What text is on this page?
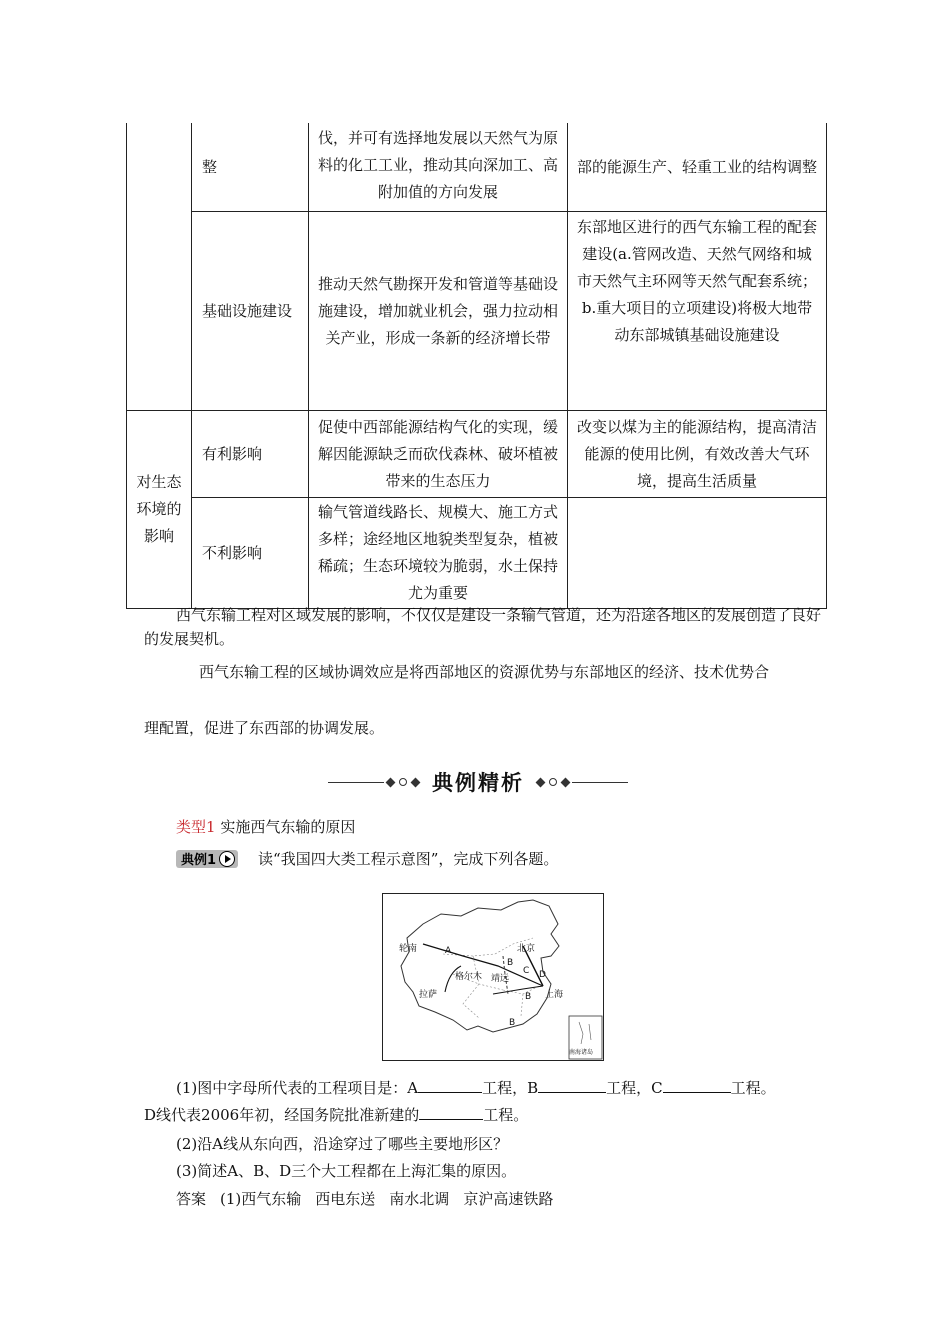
	整	伐，并可有选择地发展以天然气为原料的化工工业，推动其向深加工、高附加值的方向发展	部的能源生产、轻重工业的结构调整
	基础设施建设	推动天然气勘探开发和管道等基础设施建设，增加就业机会，强力拉动相关产业，形成一条新的经济增长带	东部地区进行的西气东输工程的配套建设(a.管网改造、天然气网络和城市天然气主环网等天然气配套系统；b.重大项目的立项建设)将极大地带动东部城镇基础设施建设
对生态环境的影响	有利影响	促使中西部能源结构气化的实现，缓解因能源缺乏而砍伐森林、破坏植被带来的生态压力	改变以煤为主的能源结构，提高清洁能源的使用比例，有效改善大气环境，提高生活质量
	不利影响	输气管道线路长、规模大、施工方式多样；途经地区地貌类型复杂，植被稀疏；生态环境较为脆弱，水土保持尤为重要	
西气东输工程对区域发展的影响，不仅仅是建设一条输气管道，还为沿途各地区的发展创造了良好的发展契机。
西气东输工程的区域协调效应是将西部地区的资源优势与东部地区的经济、技术优势合
理配置，促进了东西部的协调发展。
典例精析
类型1 实施西气东输的原因
典例1	读“我国四大类工程示意图”，完成下列各题。
轮南	A	北京
B
C
格尔木 靖远	D
拉萨	B 上海
B
南海诸岛
(1)图中字母所代表的工程项目是：A	工程，B	工程，C	工程。
D线代表2006年初，经国务院批准新建的	工程。
(2)沿A线从东向西，沿途穿过了哪些主要地形区？
(3)简述A、B、D三个大工程都在上海汇集的原因。
答案 (1)西气东输 西电东送 南水北调 京沪高速铁路
